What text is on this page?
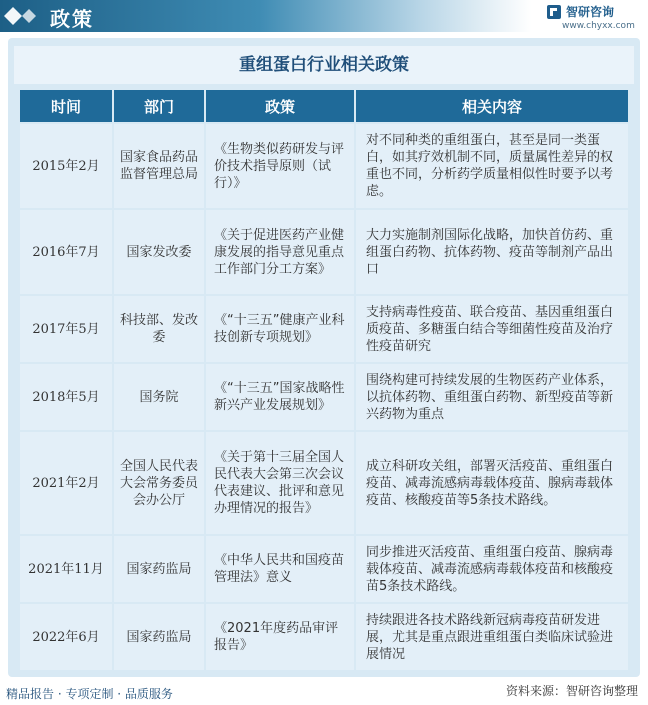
政策	智研咨询
www.chyxx.com
重组蛋白行业相关政策
时间	部门	政策	相关内容
2015年2月	国家食品药品监督管理总局	《生物类似药研发与评价技术指导原则（试行）》	对不同种类的重组蛋白，甚至是同一类蛋白，如其疗效机制不同，质量属性差异的权重也不同，分析药学质量相似性时要予以考虑。
2016年7月	国家发改委	《关于促进医药产业健康发展的指导意见重点工作部门分工方案》	大力实施制剂国际化战略，加快首仿药、重组蛋白药物、抗体药物、疫苗等制剂产品出口
2017年5月	科技部、发改委	《“十三五”健康产业科技创新专项规划》	支持病毒性疫苗、联合疫苗、基因重组蛋白质疫苗、多糖蛋白结合等细菌性疫苗及治疗性疫苗研究
2018年5月	国务院	《“十三五”国家战略性新兴产业发展规划》	围绕构建可持续发展的生物医药产业体系，以抗体药物、重组蛋白药物、新型疫苗等新兴药物为重点
2021年2月	全国人民代表大会常务委员会办公厅	《关于第十三届全国人民代表大会第三次会议代表建议、批评和意见办理情况的报告》	成立科研攻关组，部署灭活疫苗、重组蛋白疫苗、减毒流感病毒载体疫苗、腺病毒载体疫苗、核酸疫苗等5条技术路线。
2021年11月	国家药监局	《中华人民共和国疫苗管理法》意义	同步推进灭活疫苗、重组蛋白疫苗、腺病毒载体疫苗、减毒流感病毒载体疫苗和核酸疫苗5条技术路线。
2022年6月	国家药监局	《2021年度药品审评报告》	持续跟进各技术路线新冠病毒疫苗研发进展，尤其是重点跟进重组蛋白类临床试验进展情况
精品报告 · 专项定制 · 品质服务	资料来源：智研咨询整理
